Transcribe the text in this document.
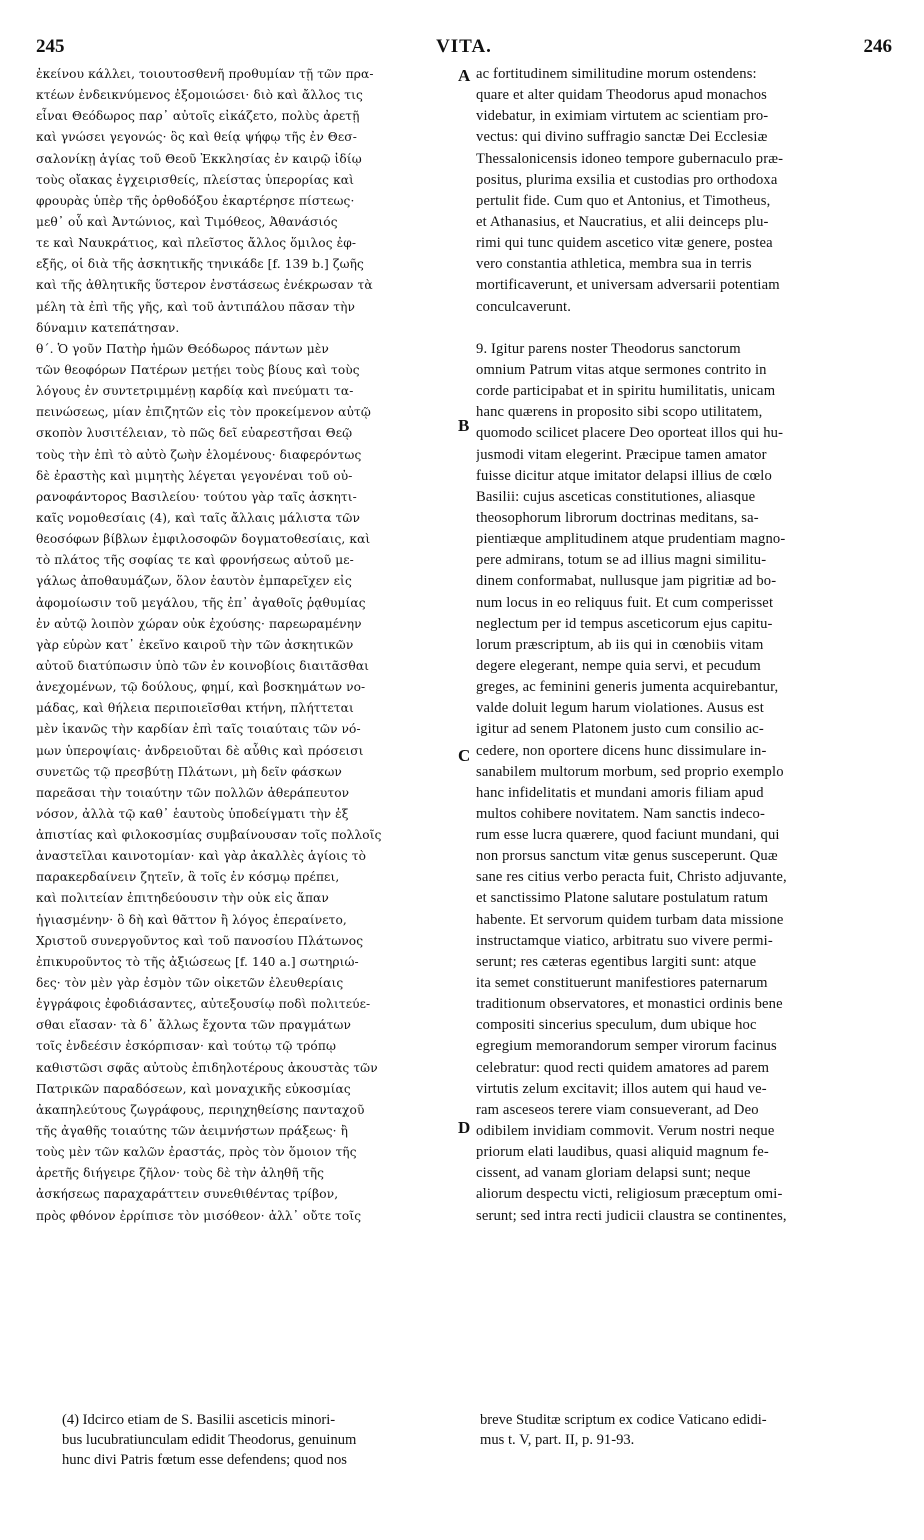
245	VITA.	246
ἐκείνου κάλλει, τοιουτοσθενῆ προθυμίαν τῇ τῶν πρα-
κτέων ἐνδεικνύμενος ἐξομοιώσει· διὸ καὶ ἄλλος τις
εἶναι Θεόδωρος παρ᾽ αὐτοῖς εἰκάζετο, πολὺς ἀρετῇ
καὶ γνώσει γεγονώς· ὃς καὶ θείᾳ ψήφῳ τῆς ἐν Θεσ-
σαλονίκῃ ἁγίας τοῦ Θεοῦ Ἐκκλησίας ἐν καιρῷ ἰδίῳ
τοὺς οἴακας ἐγχειρισθείς, πλείστας ὑπερορίας καὶ
φρουρὰς ὑπὲρ τῆς ὀρθοδόξου ἐκαρτέρησε πίστεως·
μεθ᾽ οὗ καὶ Ἀντώνιος, καὶ Τιμόθεος, Ἀθανάσιός
τε καὶ Ναυκράτιος, καὶ πλεῖστος ἄλλος ὅμιλος ἐφ-
εξῆς, οἱ διὰ τῆς ἀσκητικῆς τηνικάδε [f. 139 b.] ζωῆς
καὶ τῆς ἀθλητικῆς ὕστερον ἐνστάσεως ἐνέκρωσαν τὰ
μέλη τὰ ἐπὶ τῆς γῆς, καὶ τοῦ ἀντιπάλου πᾶσαν τὴν
δύναμιν κατεπάτησαν.
θ´. Ὁ γοῦν Πατὴρ ἡμῶν Θεόδωρος πάντων μὲν
τῶν θεοφόρων Πατέρων μετῄει τοὺς βίους καὶ τοὺς
λόγους ἐν συντετριμμένῃ καρδίᾳ καὶ πνεύματι τα-
πεινώσεως, μίαν ἐπιζητῶν εἰς τὸν προκείμενον αὐτῷ
σκοπὸν λυσιτέλειαν, τὸ πῶς δεῖ εὐαρεστῆσαι Θεῷ
τοὺς τὴν ἐπὶ τὸ αὐτὸ ζωὴν ἑλομένους· διαφερόντως
δὲ ἐραστὴς καὶ μιμητὴς λέγεται γεγονέναι τοῦ οὐ-
ρανοφάντορος Βασιλείου· τούτου γὰρ ταῖς ἀσκητι-
καῖς νομοθεσίαις (4), καὶ ταῖς ἄλλαις μάλιστα τῶν
θεοσόφων βίβλων ἐμφιλοσοφῶν δογματοθεσίαις, καὶ
τὸ πλάτος τῆς σοφίας τε καὶ φρονήσεως αὐτοῦ με-
γάλως ἀποθαυμάζων, ὅλον ἑαυτὸν ἐμπαρεῖχεν εἰς
ἀφομοίωσιν τοῦ μεγάλου, τῆς ἐπ᾽ ἀγαθοῖς ῥᾳθυμίας
ἐν αὐτῷ λοιπὸν χώραν οὐκ ἐχούσης· παρεωραμένην
γὰρ εὑρὼν κατ᾽ ἐκεῖνο καιροῦ τὴν τῶν ἀσκητικῶν
αὐτοῦ διατύπωσιν ὑπὸ τῶν ἐν κοινοβίοις διαιτᾶσθαι
ἀνεχομένων, τῷ δούλους, φημί, καὶ βοσκημάτων νο-
μάδας, καὶ θήλεια περιποιεῖσθαι κτήνη, πλήττεται
μὲν ἱκανῶς τὴν καρδίαν ἐπὶ ταῖς τοιαύταις τῶν νό-
μων ὑπεροψίαις· ἀνδρειοῦται δὲ αὖθις καὶ πρόσεισι
συνετῶς τῷ πρεσβύτῃ Πλάτωνι, μὴ δεῖν φάσκων
παρεᾶσαι τὴν τοιαύτην τῶν πολλῶν ἀθεράπευτον
νόσον, ἀλλὰ τῷ καθ᾽ ἑαυτοὺς ὑποδείγματι τὴν ἐξ
ἀπιστίας καὶ φιλοκοσμίας συμβαίνουσαν τοῖς πολλοῖς
ἀναστεῖλαι καινοτομίαν· καὶ γὰρ ἀκαλλὲς ἁγίοις τὸ
παρακερδαίνειν ζητεῖν, ἃ τοῖς ἐν κόσμῳ πρέπει,
καὶ πολιτείαν ἐπιτηδεύουσιν τὴν οὐκ εἰς ἅπαν
ἠγιασμένην· ὃ δὴ καὶ θᾶττον ἢ λόγος ἐπεραίνετο,
Χριστοῦ συνεργοῦντος καὶ τοῦ πανοσίου Πλάτωνος
ἐπικυροῦντος τὸ τῆς ἀξιώσεως [f. 140 a.] σωτηριώ-
δες· τὸν μὲν γὰρ ἐσμὸν τῶν οἰκετῶν ἐλευθερίαις
ἐγγράφοις ἐφοδιάσαντες, αὐτεξουσίῳ ποδὶ πολιτεύε-
σθαι εἴασαν· τὰ δ᾽ ἄλλως ἔχοντα τῶν πραγμάτων
τοῖς ἐνδεέσιν ἐσκόρπισαν· καὶ τούτῳ τῷ τρόπῳ
καθιστῶσι σφᾶς αὐτοὺς ἐπιδηλοτέρους ἀκουστὰς τῶν
Πατρικῶν παραδόσεων, καὶ μοναχικῆς εὐκοσμίας
ἀκαπηλεύτους ζωγράφους, περιηχηθείσης πανταχοῦ
τῆς ἀγαθῆς τοιαύτης τῶν ἀειμνήστων πράξεως· ἢ
τοὺς μὲν τῶν καλῶν ἐραστάς, πρὸς τὸν ὅμοιον τῆς
ἀρετῆς διήγειρε ζῆλον· τοὺς δὲ τὴν ἀληθῆ τῆς
ἀσκήσεως παραχαράττειν συνεθιθέντας τρίβον,
πρὸς φθόνον ἐρρίπισε τὸν μισόθεον· ἀλλ᾽ οὔτε τοῖς
ac fortitudinem similitudine morum ostendens:
quare et alter quidam Theodorus apud monachos
videbatur, in eximiam virtutem ac scientiam pro-
vectus: qui divino suffragio sanctæ Dei Ecclesiæ
Thessalonicensis idoneo tempore gubernaculo præ-
positus, plurima exsilia et custodias pro orthodoxa
pertulit fide. Cum quo et Antonius, et Timotheus,
et Athanasius, et Naucratius, et alii deinceps plu-
rimi qui tunc quidem ascetico vitæ genere, postea
vero constantia athletica, membra sua in terris
mortificaverunt, et universam adversarii potentiam
conculcaverunt.
9. Igitur parens noster Theodorus sanctorum
omnium Patrum vitas atque sermones contrito in
corde participabat et in spiritu humilitatis, unicam
hanc quærens in proposito sibi scopo utilitatem,
quomodo scilicet placere Deo oporteat illos qui hu-
jusmodi vitam elegerint. Præcipue tamen amator
fuisse dicitur atque imitator delapsi illius de cœlo
Basilii: cujus asceticas constitutiones, aliasque
theosophorum librorum doctrinas meditans, sa-
pientiæque amplitudinem atque prudentiam magno-
pere admirans, totum se ad illius magni similitu-
dinem conformabat, nullusque jam pigritiæ ad bo-
num locus in eo reliquus fuit. Et cum comperisset
neglectum per id tempus asceticorum ejus capitu-
lorum præscriptum, ab iis qui in cœnobiis vitam
degere elegerant, nempe quia servi, et pecudum
greges, ac feminini generis jumenta acquirebantur,
valde doluit legum harum violationes. Ausus est
igitur ad senem Platonem justo cum consilio ac-
cedere, non oportere dicens hunc dissimulare in-
sanabilem multorum morbum, sed proprio exemplo
hanc infidelitatis et mundani amoris filiam apud
multos cohibere novitatem. Nam sanctis indeco-
rum esse lucra quærere, quod faciunt mundani, qui
non prorsus sanctum vitæ genus susceperunt. Quæ
sane res citius verbo peracta fuit, Christo adjuvante,
et sanctissimo Platone salutare postulatum ratum
habente. Et servorum quidem turbam data missione
instructamque viatico, arbitratu suo vivere permi-
serunt; res cæteras egentibus largiti sunt: atque
ita semet constituerunt manifestiores paternarum
traditionum observatores, et monastici ordinis bene
compositi sincerius speculum, dum ubique hoc
egregium memorandorum semper virorum facinus
celebratur: quod recti quidem amatores ad parem
virtutis zelum excitavit; illos autem qui haud ve-
ram asceseos terere viam consueverant, ad Deo
odibilem invidiam commovit. Verum nostri neque
priorum elati laudibus, quasi aliquid magnum fe-
cissent, ad vanam gloriam delapsi sunt; neque
aliorum despectu victi, religiosum præceptum omi-
serunt; sed intra recti judicii claustra se continentes,
A
B
C
D
(4) Idcirco etiam de S. Basilii asceticis minori-
bus lucubratiunculam edidit Theodorus, genuinum
hunc divi Patris fœtum esse defendens; quod nos
breve Studitæ scriptum ex codice Vaticano edidi-
mus t. V, part. II, p. 91-93.
